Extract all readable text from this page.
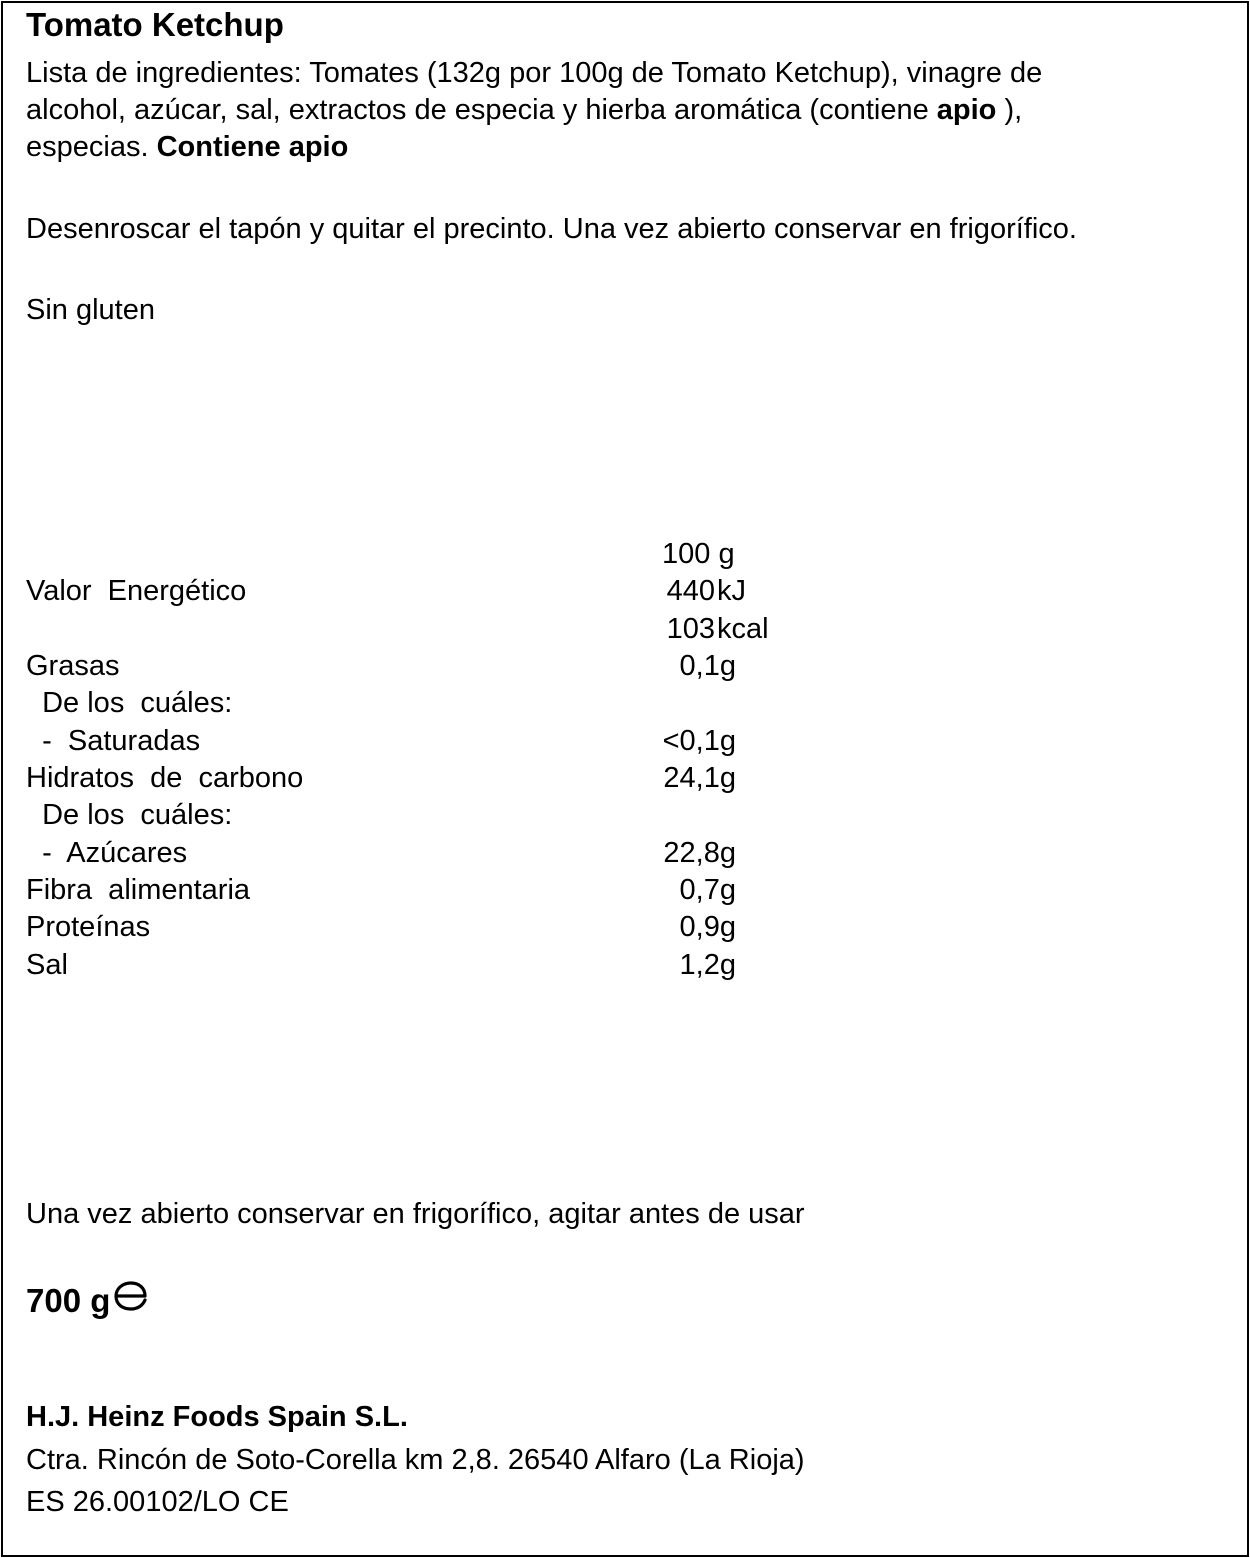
Tomato Ketchup
Lista de ingredientes: Tomates (132g por 100g de Tomato Ketchup), vinagre de
alcohol, azúcar, sal, extractos de especia y hierba aromática (contiene apio ),
especias. Contiene apio
Desenroscar el tapón y quitar el precinto. Una vez abierto conservar en frigorífico.
Sin gluten
100 g
Valor  Energético	440 kJ
103 kcal
Grasas	0,1g
De los  cuáles:
-  Saturadas	<0,1g
Hidratos  de  carbono	24,1g
De los  cuáles:
-  Azúcares	22,8g
Fibra  alimentaria	0,7g
Proteínas	0,9g
Sal	1,2g
Una vez abierto conservar en frigorífico, agitar antes de usar
700 g
H.J. Heinz Foods Spain S.L.
Ctra. Rincón de Soto-Corella km 2,8. 26540 Alfaro (La Rioja)
ES 26.00102/LO CE
